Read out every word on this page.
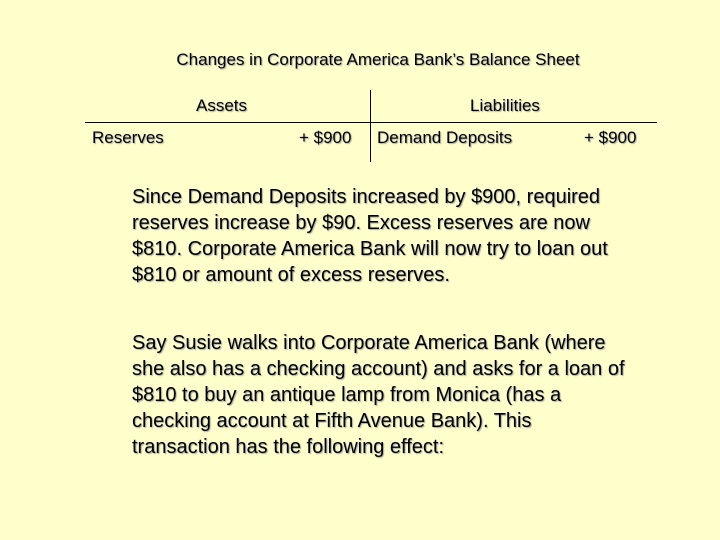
Changes in Corporate America Bank’s Balance Sheet
Assets	Liabilities
Reserves	+ $900 Demand Deposits	+ $900
Since Demand Deposits increased by $900, required
reserves increase by $90. Excess reserves are now
$810. Corporate America Bank will now try to loan out
$810 or amount of excess reserves.
Say Susie walks into Corporate America Bank (where
she also has a checking account) and asks for a loan of
$810 to buy an antique lamp from Monica (has a
checking account at Fifth Avenue Bank). This
transaction has the following effect:
